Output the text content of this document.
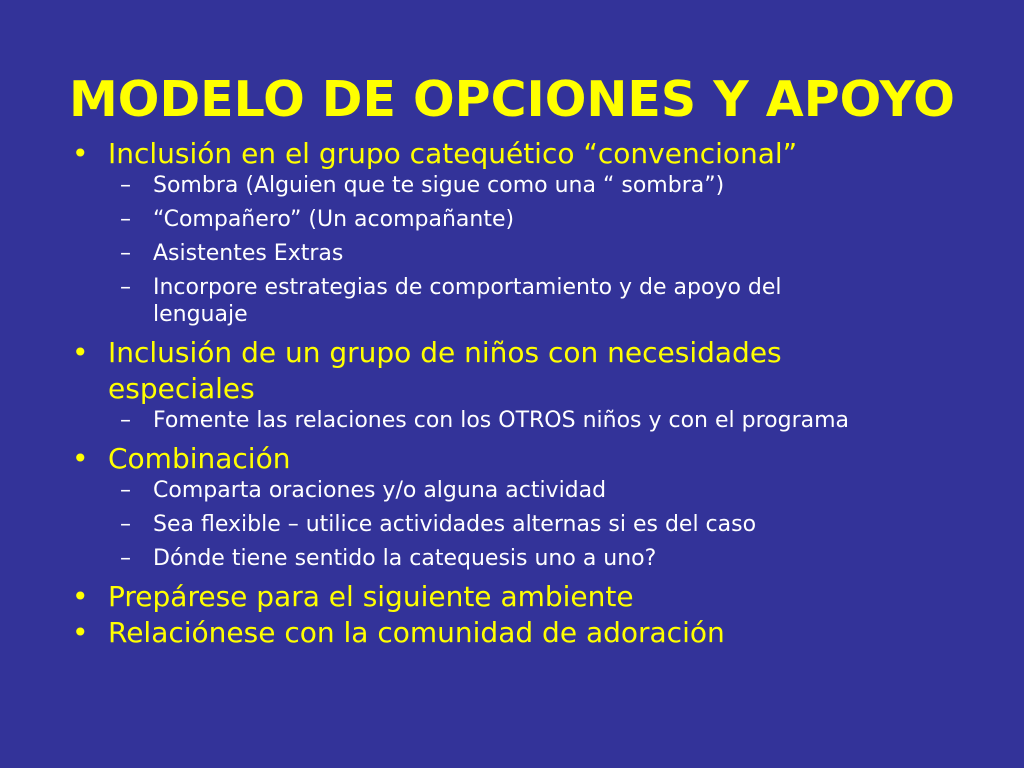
MODELO DE OPCIONES Y APOYO
• Inclusión en el grupo catequético “convencional”
– Sombra (Alguien que te sigue como una “ sombra”)
– “Compañero” (Un acompañante)
– Asistentes Extras
– Incorpore estrategias de comportamiento y de apoyo del lenguaje
• Inclusión de un grupo de niños con necesidades especiales
– Fomente las relaciones con los OTROS niños y con el programa
• Combinación
– Comparta oraciones y/o alguna actividad
– Sea flexible – utilice actividades alternas si es del caso
– Dónde tiene sentido la catequesis uno a uno?
• Prepárese para el siguiente ambiente
• Relaciónese con la comunidad de adoración
